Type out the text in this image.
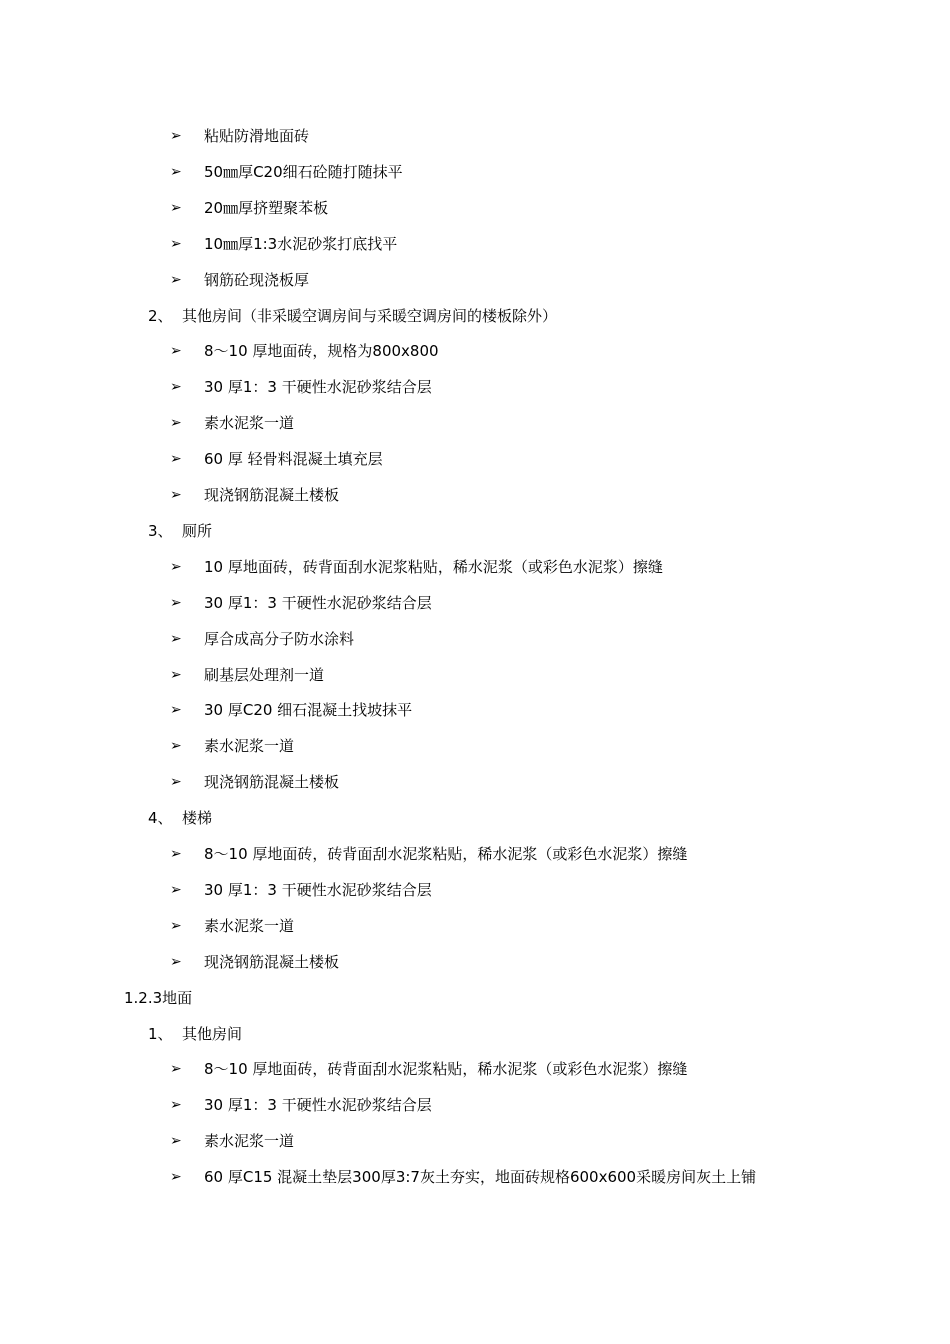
➢ 粘贴防滑地面砖
➢ 50㎜厚C20细石砼随打随抹平
➢ 20㎜厚挤塑聚苯板
➢ 10㎜厚1:3水泥砂浆打底找平
➢ 钢筋砼现浇板厚
2、 其他房间（非采暖空调房间与采暖空调房间的楼板除外）
➢ 8～10 厚地面砖，规格为800x800
➢ 30 厚1：3 干硬性水泥砂浆结合层
➢ 素水泥浆一道
➢ 60 厚 轻骨料混凝土填充层
➢ 现浇钢筋混凝土楼板
3、 厕所
➢ 10 厚地面砖，砖背面刮水泥浆粘贴，稀水泥浆（或彩色水泥浆）擦缝
➢ 30 厚1：3 干硬性水泥砂浆结合层
➢ 厚合成高分子防水涂料
➢ 刷基层处理剂一道
➢ 30 厚C20 细石混凝土找坡抹平
➢ 素水泥浆一道
➢ 现浇钢筋混凝土楼板
4、 楼梯
➢ 8～10 厚地面砖，砖背面刮水泥浆粘贴，稀水泥浆（或彩色水泥浆）擦缝
➢ 30 厚1：3 干硬性水泥砂浆结合层
➢ 素水泥浆一道
➢ 现浇钢筋混凝土楼板
1.2.3地面
1、 其他房间
➢ 8～10 厚地面砖，砖背面刮水泥浆粘贴，稀水泥浆（或彩色水泥浆）擦缝
➢ 30 厚1：3 干硬性水泥砂浆结合层
➢ 素水泥浆一道
➢ 60 厚C15 混凝土垫层300厚3:7灰土夯实，地面砖规格600x600采暖房间灰土上铺
